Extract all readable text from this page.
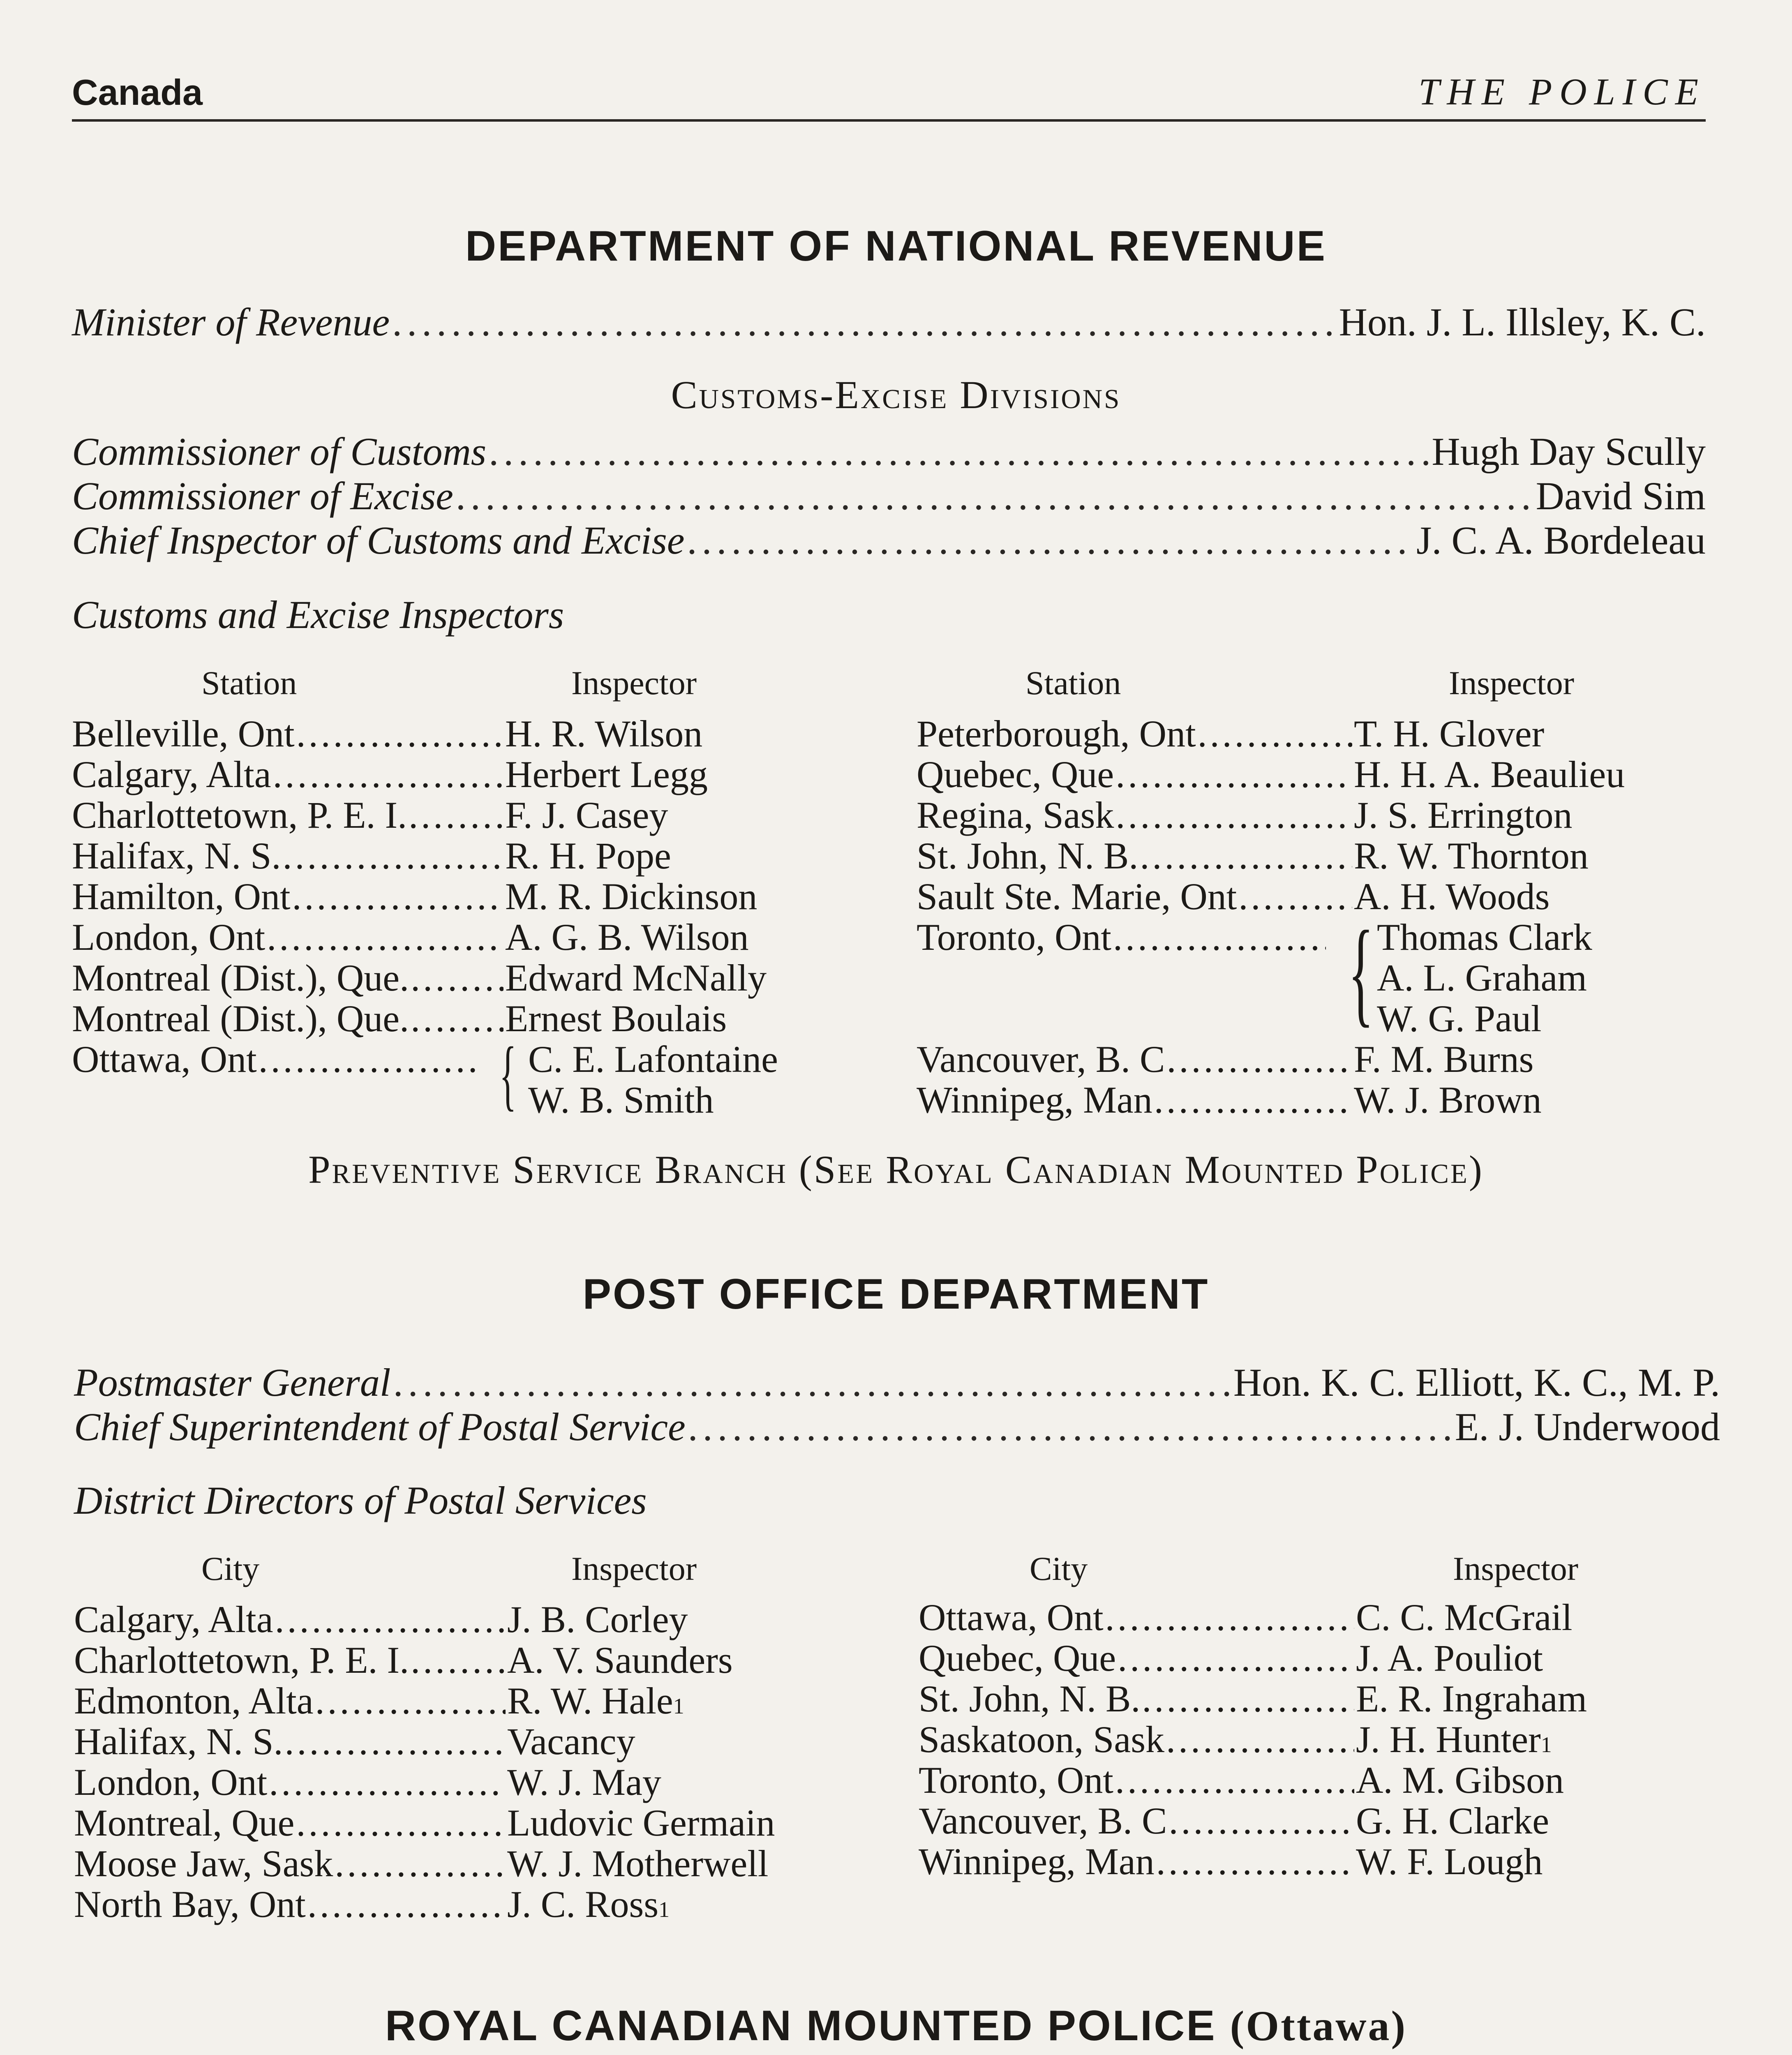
Canada	THE POLICE
DEPARTMENT OF NATIONAL REVENUE
Minister of Revenue . . .	Hon. J. L. Illsley, K. C.
Customs-Excise Divisions
Commissioner of Customs . . .	Hugh Day Scully
Commissioner of Excise . . .	David Sim
Chief Inspector of Customs and Excise . . .	J. C. A. Bordeleau
Customs and Excise Inspectors
Station	Inspector	Station	Inspector
Belleville, Ont . . .	H. R. Wilson
Calgary, Alta . . .	Herbert Legg
Charlottetown, P. E. I. . . .	F. J. Casey
Halifax, N. S. . . .	R. H. Pope
Hamilton, Ont . . .	M. R. Dickinson
London, Ont . . .	A. G. B. Wilson
Montreal (Dist.), Que. . . .	Edward McNally
Montreal (Dist.), Que. . . .	Ernest Boulais
Ottawa, Ont . . .	{ C. E. Lafontaine
W. B. Smith
Peterborough, Ont . . .	T. H. Glover
Quebec, Que . . .	H. H. A. Beaulieu
Regina, Sask . . .	J. S. Errington
St. John, N. B. . . .	R. W. Thornton
Sault Ste. Marie, Ont . . .	A. H. Woods
Toronto, Ont . . . { Thomas Clark
A. L. Graham
W. G. Paul
Vancouver, B. C . . .	F. M. Burns
Winnipeg, Man . . .	W. J. Brown
Preventive Service Branch (See Royal Canadian Mounted Police)
POST OFFICE DEPARTMENT
Postmaster General . . .	Hon. K. C. Elliott, K. C., M. P.
Chief Superintendent of Postal Service . . .	E. J. Underwood
District Directors of Postal Services
City	Inspector	City	Inspector
Calgary, Alta . . .	J. B. Corley
Charlottetown, P. E. I. . . .	A. V. Saunders
Edmonton, Alta . . .	R. W. Hale 1
Halifax, N. S. . . .	Vacancy
London, Ont . . .	W. J. May
Montreal, Que . . .	Ludovic Germain
Moose Jaw, Sask . . .	W. J. Motherwell
North Bay, Ont . . .	J. C. Ross 1
Ottawa, Ont . . .	C. C. McGrail
Quebec, Que . . .	J. A. Pouliot
St. John, N. B. . . .	E. R. Ingraham
Saskatoon, Sask . . .	J. H. Hunter 1
Toronto, Ont . . .	A. M. Gibson
Vancouver, B. C . . .	G. H. Clarke
Winnipeg, Man . . .	W. F. Lough
ROYAL CANADIAN MOUNTED POLICE (Ottawa)
